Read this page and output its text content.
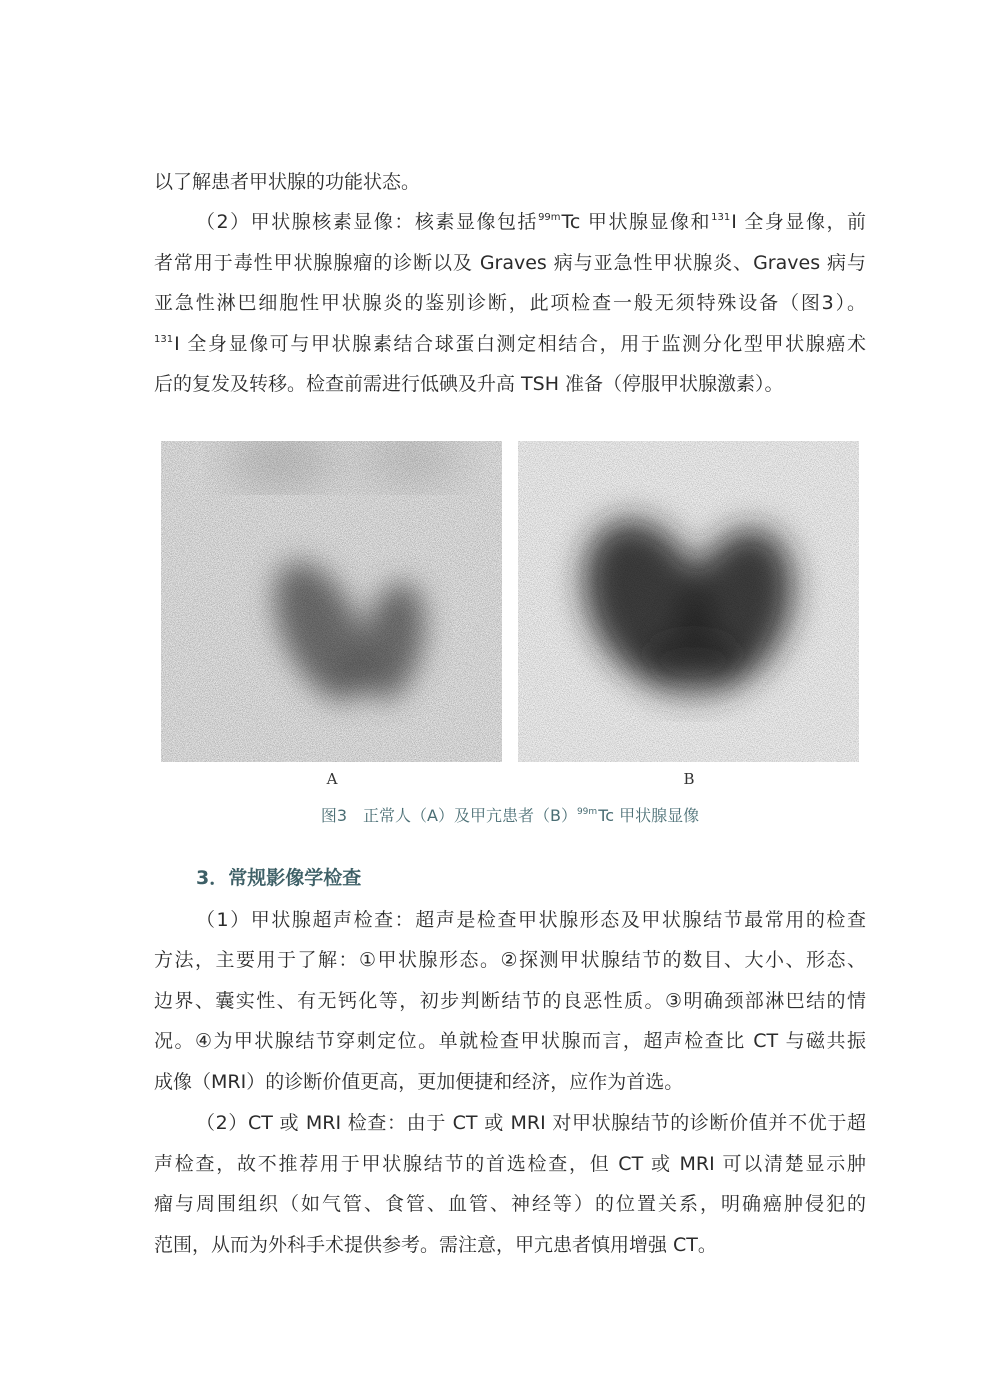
以了解患者甲状腺的功能状态。
（2）甲状腺核素显像：核素显像包括$^{99m}$Tc 甲状腺显像和$^{131}$I 全身显像，前
者常用于毒性甲状腺腺瘤的诊断以及 Graves 病与亚急性甲状腺炎、Graves 病与
亚急性淋巴细胞性甲状腺炎的鉴别诊断，此项检查一般无须特殊设备（图3）。
$^{131}$I 全身显像可与甲状腺素结合球蛋白测定相结合，用于监测分化型甲状腺癌术
后的复发及转移。检查前需进行低碘及升高 TSH 准备（停服甲状腺激素）。
A	B
图3　正常人（A）及甲亢患者$(B)^{99m}Tc$ 甲状腺显像
3．常规影像学检查
（1）甲状腺超声检查：超声是检查甲状腺形态及甲状腺结节最常用的检查
方法，主要用于了解：①甲状腺形态。②探测甲状腺结节的数目、大小、形态、
边界、囊实性、有无钙化等，初步判断结节的良恶性质。③明确颈部淋巴结的情
况。④为甲状腺结节穿刺定位。单就检查甲状腺而言，超声检查比 CT 与磁共振
成像（MRI）的诊断价值更高，更加便捷和经济，应作为首选。
（2）CT 或 MRI 检查：由于 CT 或 MRI 对甲状腺结节的诊断价值并不优于超
声检查，故不推荐用于甲状腺结节的首选检查，但 CT 或 MRI 可以清楚显示肿
瘤与周围组织（如气管、食管、血管、神经等）的位置关系，明确癌肿侵犯的
范围，从而为外科手术提供参考。需注意，甲亢患者慎用增强 CT。
